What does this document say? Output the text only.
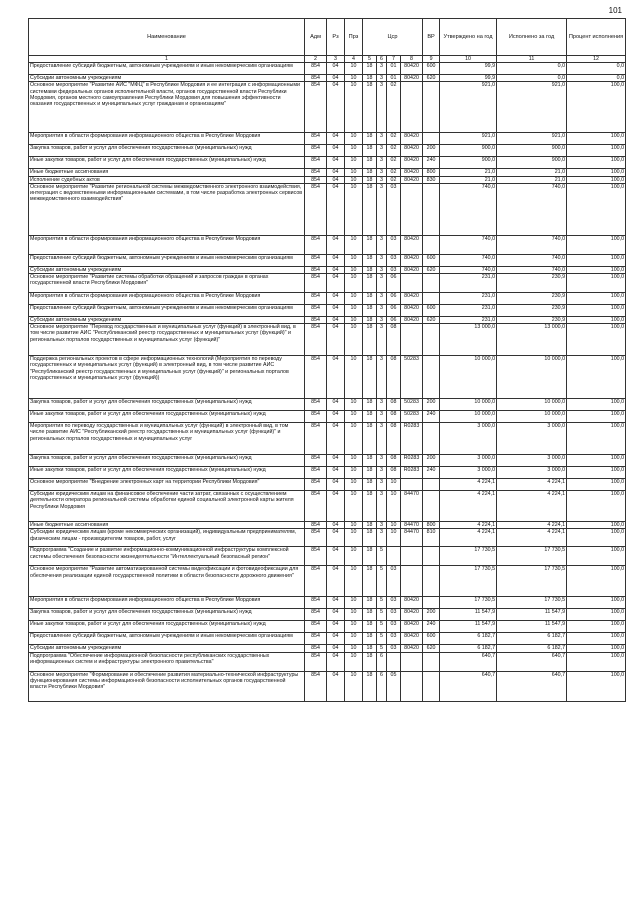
101
Наименование	Адм	Рз	Прз	Цср				ВР	Утверждено на год	Исполнено за год	Процент исполнения
1	2	3	4	5	6	7	8	9	10	11	12
Предоставление субсидий бюджетным, автономным учреждениям и иным некоммерческим организациям	854	04	10	18	3	01	80420	600	99,9	0,0	0,0
Субсидии автономным учреждениям	854	04	10	18	3	01	80420	620	99,9	0,0	0,0
Основное мероприятие "Развитие АИС "МФЦ" в Республике Мордовия и ее интеграция с информационными системами федеральных органов исполнительной власти, органов государственной власти Республики Мордовия, органов местного самоуправления Республики Мордовия для повышения эффективности оказания государственных и муниципальных услуг гражданам и организациям"	854	04	10	18	3	02			921,0	921,0	100,0
Мероприятия в области формирования информационного общества в Республике Мордовия	854	04	10	18	3	02	80420		921,0	921,0	100,0
Закупка товаров, работ и услуг для обеспечения государственных (муниципальных) нужд	854	04	10	18	3	02	80420	200	900,0	900,0	100,0
Иные закупки товаров, работ и услуг для обеспечения государственных (муниципальных) нужд	854	04	10	18	3	02	80420	240	900,0	900,0	100,0
Иные бюджетные ассигнования	854	04	10	18	3	02	80420	800	21,0	21,0	100,0
Исполнение судебных актов	854	04	10	18	3	02	80420	830	21,0	21,0	100,0
Основное мероприятие "Развитие региональной системы межведомственного электронного взаимодействия, интеграция с ведомственными информационными системами, в том числе разработка электронных сервисов межведомственного взаимодействия"	854	04	10	18	3	03			740,0	740,0	100,0
Мероприятия в области формирования информационного общества в Республике Мордовия	854	04	10	18	3	03	80420		740,0	740,0	100,0
Предоставление субсидий бюджетным, автономным учреждениям и иным некоммерческим организациям	854	04	10	18	3	03	80420	600	740,0	740,0	100,0
Субсидии автономным учреждениям	854	04	10	18	3	03	80420	620	740,0	740,0	100,0
Основное мероприятие "Развитие системы обработки обращений и запросов граждан в органах государственной власти Республики Мордовия"	854	04	10	18	3	06			231,0	230,9	100,0
Мероприятия в области формирования информационного общества в Республике Мордовия	854	04	10	18	3	06	80420		231,0	230,9	100,0
Предоставление субсидий бюджетным, автономным учреждениям и иным некоммерческим организациям	854	04	10	18	3	06	80420	600	231,0	230,9	100,0
Субсидии автономным учреждениям	854	04	10	18	3	06	80420	620	231,0	230,9	100,0
Основное мероприятие "Перевод государственных и муниципальных услуг (функций) в электронный вид, в том числе развитие АИС "Республиканский реестр государственных и муниципальных услуг (функций)" и региональных порталов государственных и муниципальных услуг (функций)"	854	04	10	18	3	08			13 000,0	13 000,0	100,0
Поддержка региональных проектов в сфере информационных технологий (Мероприятия по переводу государственных и муниципальных услуг (функций) в электронный вид, в том числе развитие АИС "Республиканский реестр государственных и муниципальных услуг (функций)" и региональных порталов государственных и муниципальных услуг (функций))	854	04	10	18	3	08	50283		10 000,0	10 000,0	100,0
Закупка товаров, работ и услуг для обеспечения государственных (муниципальных) нужд	854	04	10	18	3	08	50283	200	10 000,0	10 000,0	100,0
Иные закупки товаров, работ и услуг для обеспечения государственных (муниципальных) нужд	854	04	10	18	3	08	50283	240	10 000,0	10 000,0	100,0
Мероприятия по переводу государственных и муниципальных услуг (функций) в электронный вид, в том числе развитие АИС "Республиканский реестр государственных и муниципальных услуг (функций)" и региональных порталов государственных и муниципальных услуг	854	04	10	18	3	08	R0283		3 000,0	3 000,0	100,0
Закупка товаров, работ и услуг для обеспечения государственных (муниципальных) нужд	854	04	10	18	3	08	R0283	200	3 000,0	3 000,0	100,0
Иные закупки товаров, работ и услуг для обеспечения государственных (муниципальных) нужд	854	04	10	18	3	08	R0283	240	3 000,0	3 000,0	100,0
Основное мероприятие "Внедрение электронных карт на территории Республики Мордовия"	854	04	10	18	3	10			4 224,1	4 224,1	100,0
Субсидии юридическим лицам на финансовое обеспечение части затрат, связанных с осуществлением деятельности оператора региональной системы обработки единой социальной электронной карты жителя Республики Мордовия	854	04	10	18	3	10	84470		4 224,1	4 224,1	100,0
Иные бюджетные ассигнования	854	04	10	18	3	10	84470	800	4 224,1	4 224,1	100,0
Субсидии юридическим лицам (кроме некоммерческих организаций), индивидуальным предпринимателям, физическим лицам - производителям товаров, работ, услуг	854	04	10	18	3	10	84470	810	4 224,1	4 224,1	100,0
Подпрограмма "Создание и развитие информационно-коммуникационной инфраструктуры комплексной системы обеспечения безопасности жизнедеятельности "Интеллектуальный безопасный регион"	854	04	10	18	5				17 730,5	17 730,5	100,0
Основное мероприятие "Развитие автоматизированной системы видеофиксации и фотовидеофиксации для обеспечения реализации единой государственной политики в области безопасности дорожного движения"	854	04	10	18	5	03			17 730,5	17 730,5	100,0
Мероприятия в области формирования информационного общества в Республике Мордовия	854	04	10	18	5	03	80420		17 730,5	17 730,5	100,0
Закупка товаров, работ и услуг для обеспечения государственных (муниципальных) нужд	854	04	10	18	5	03	80420	200	11 547,9	11 547,9	100,0
Иные закупки товаров, работ и услуг для обеспечения государственных (муниципальных) нужд	854	04	10	18	5	03	80420	240	11 547,9	11 547,9	100,0
Предоставление субсидий бюджетным, автономным учреждениям и иным некоммерческим организациям	854	04	10	18	5	03	80420	600	6 182,7	6 182,7	100,0
Субсидии автономным учреждениям	854	04	10	18	5	03	80420	620	6 182,7	6 182,7	100,0
Подпрограмма "Обеспечение информационной безопасности республиканских государственных информационных систем и инфраструктуры электронного правительства"	854	04	10	18	6				640,7	640,7	100,0
Основное мероприятие "Формирование и обеспечение развития материально-технической инфраструктуры функционирования системы информационной безопасности исполнительных органов государственной власти Республики Мордовия"	854	04	10	18	6	05			640,7	640,7	100,0
